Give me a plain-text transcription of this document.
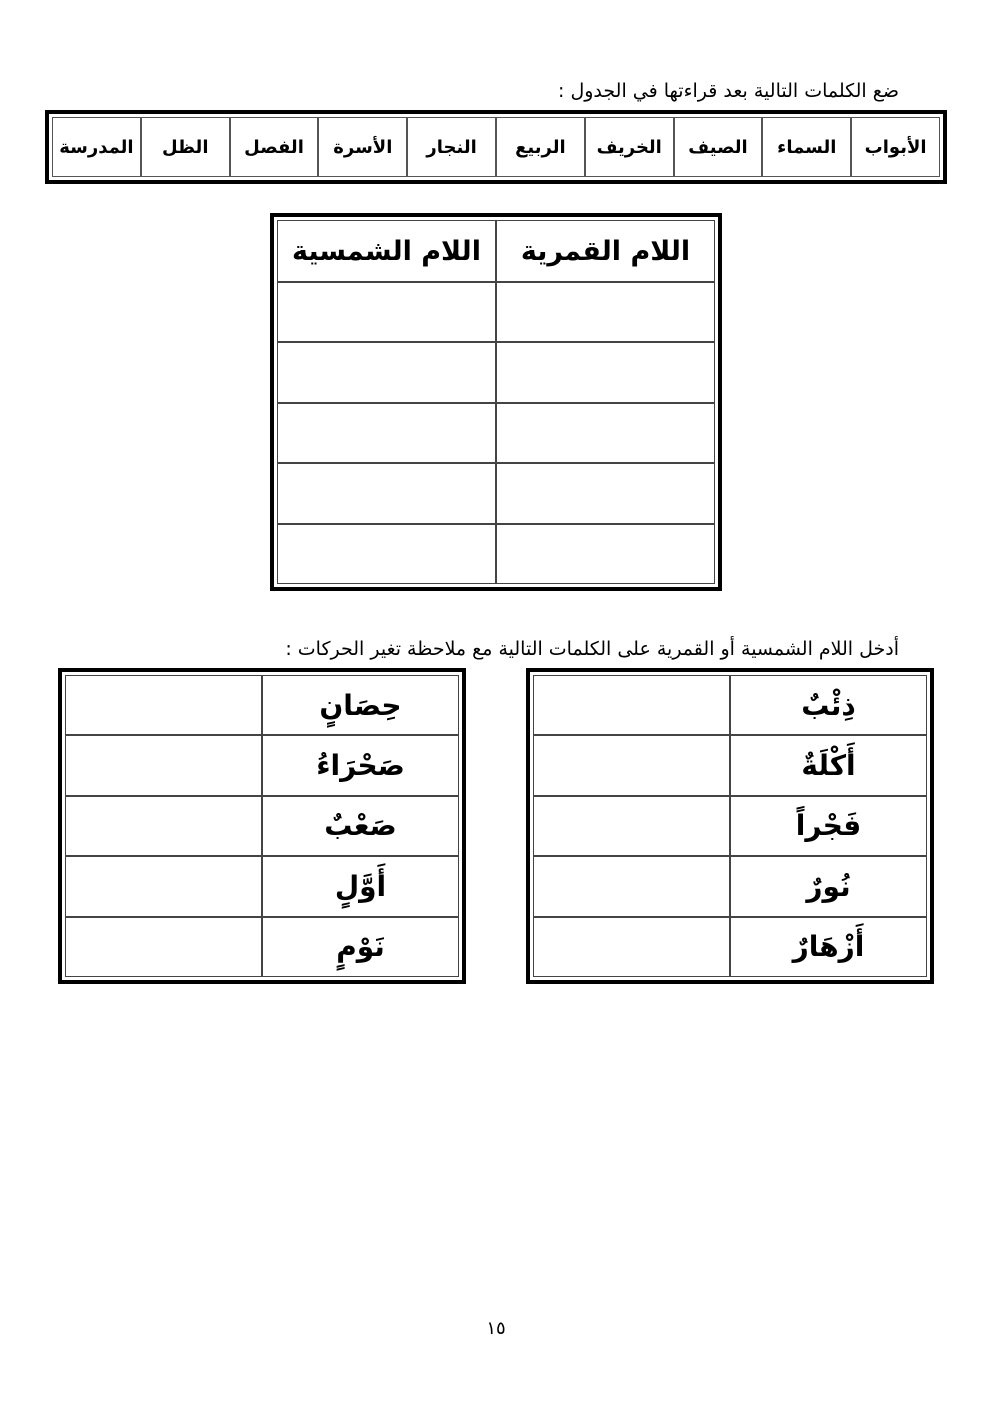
ضع الكلمات التالية بعد قراءتها في الجدول :
الأبواب	السماء	الصيف	الخريف	الربيع	النجار	الأسرة	الفصل	الظل	المدرسة
اللام القمرية	اللام الشمسية

أدخل اللام الشمسية أو القمرية على الكلمات التالية مع ملاحظة تغير الحركات :
ذِئْبٌ	
أَكْلَةٌ	
فَجْراً	
نُورٌ	
أَزْهَارٌ	
حِصَانٍ	
صَحْرَاءُ	
صَعْبٌ	
أَوَّلٍ	
نَوْمٍ	
١٥
